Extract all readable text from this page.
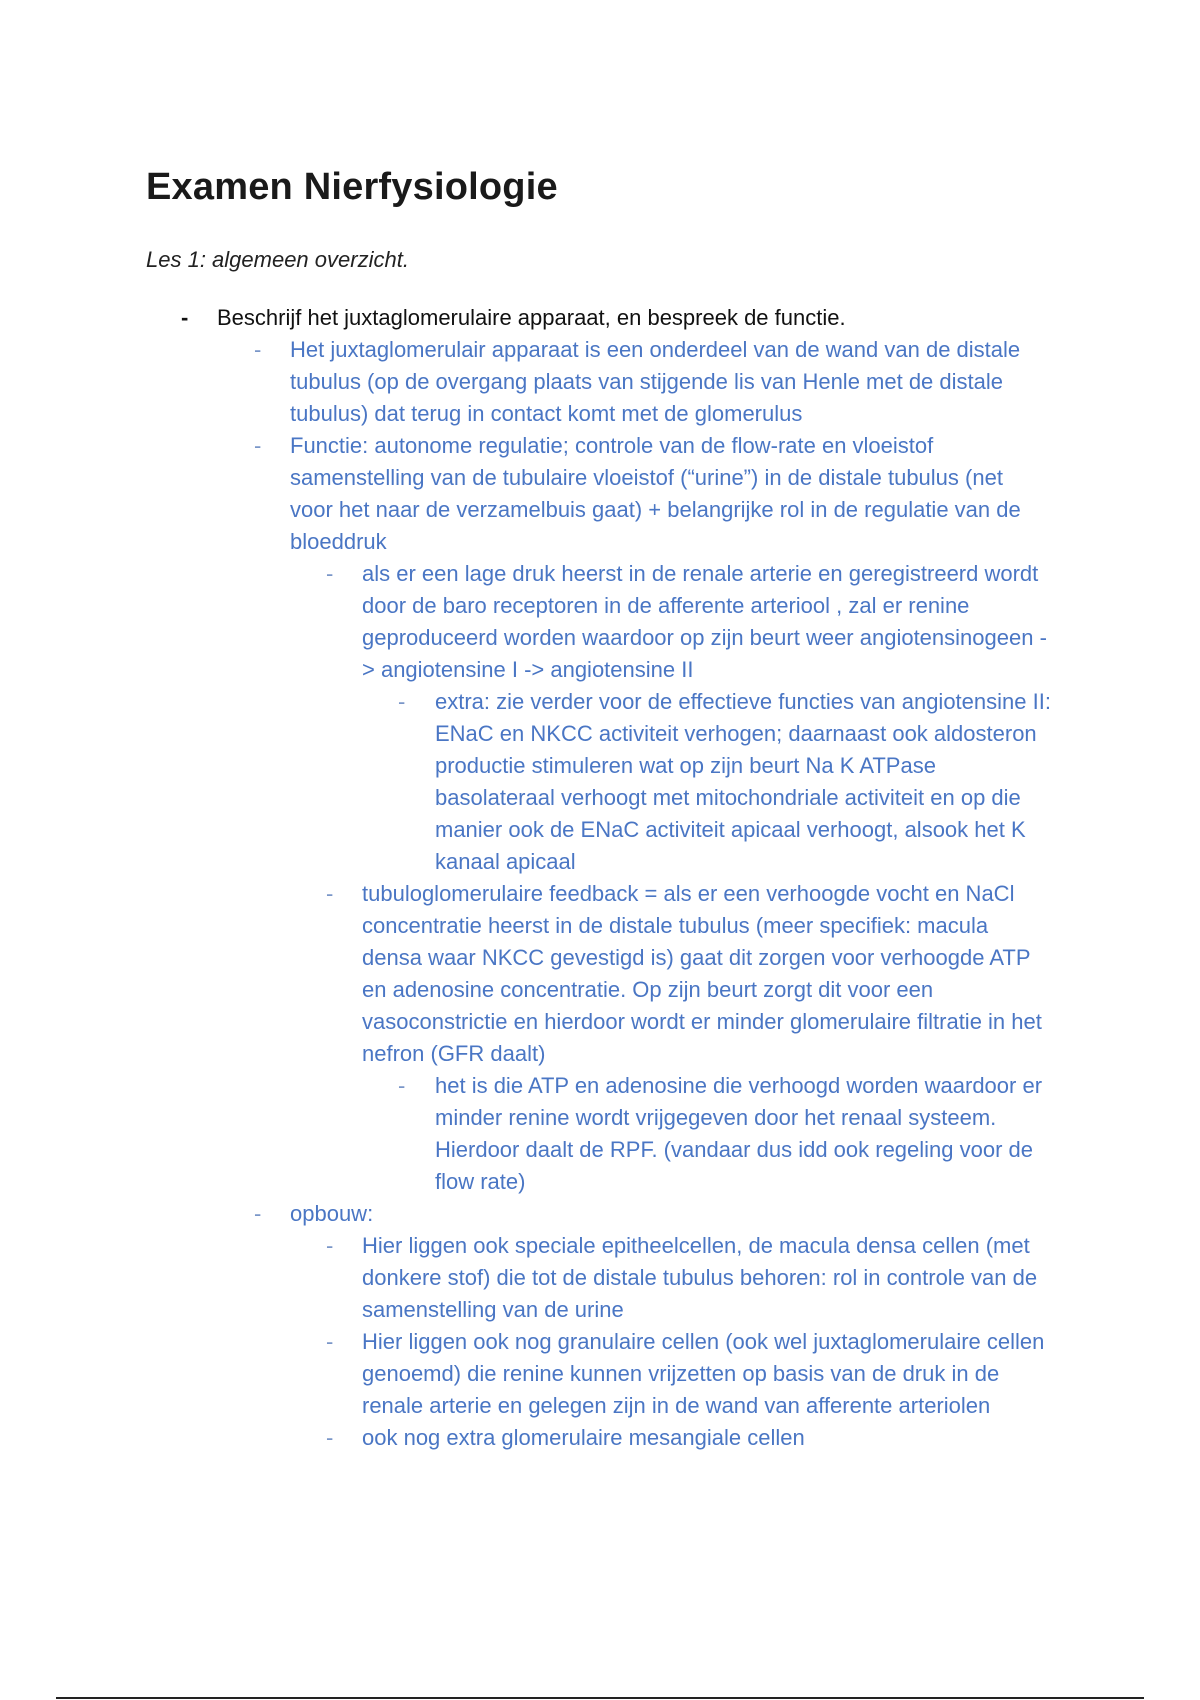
Examen Nierfysiologie
Les 1: algemeen overzicht.
- Beschrijf het juxtaglomerulaire apparaat, en bespreek de functie.
- Het juxtaglomerulair apparaat is een onderdeel van de wand van de distale tubulus (op de overgang plaats van stijgende lis van Henle met de distale tubulus) dat terug in contact komt met de glomerulus
- Functie: autonome regulatie; controle van de flow-rate en vloeistof samenstelling van de tubulaire vloeistof (“urine”) in de distale tubulus (net voor het naar de verzamelbuis gaat) + belangrijke rol in de regulatie van de bloeddruk
- als er een lage druk heerst in de renale arterie en geregistreerd wordt door de baro receptoren in de afferente arteriool , zal er renine geproduceerd worden waardoor op zijn beurt weer angiotensinogeen -> angiotensine I -> angiotensine II
- extra: zie verder voor de effectieve functies van angiotensine II: ENaC en NKCC activiteit verhogen; daarnaast ook aldosteron productie stimuleren wat op zijn beurt Na K ATPase basolateraal verhoogt met mitochondriale activiteit en op die manier ook de ENaC activiteit apicaal verhoogt, alsook het K kanaal apicaal
- tubuloglomerulaire feedback = als er een verhoogde vocht en NaCl concentratie heerst in de distale tubulus (meer specifiek: macula densa waar NKCC gevestigd is) gaat dit zorgen voor verhoogde ATP en adenosine concentratie. Op zijn beurt zorgt dit voor een vasoconstrictie en hierdoor wordt er minder glomerulaire filtratie in het nefron (GFR daalt)
- het is die ATP en adenosine die verhoogd worden waardoor er minder renine wordt vrijgegeven door het renaal systeem. Hierdoor daalt de RPF. (vandaar dus idd ook regeling voor de flow rate)
- opbouw:
- Hier liggen ook speciale epitheelcellen, de macula densa cellen (met donkere stof) die tot de distale tubulus behoren: rol in controle van de samenstelling van de urine
- Hier liggen ook nog granulaire cellen (ook wel juxtaglomerulaire cellen genoemd) die renine kunnen vrijzetten op basis van de druk in de renale arterie en gelegen zijn in de wand van afferente arteriolen
- ook nog extra glomerulaire mesangiale cellen
